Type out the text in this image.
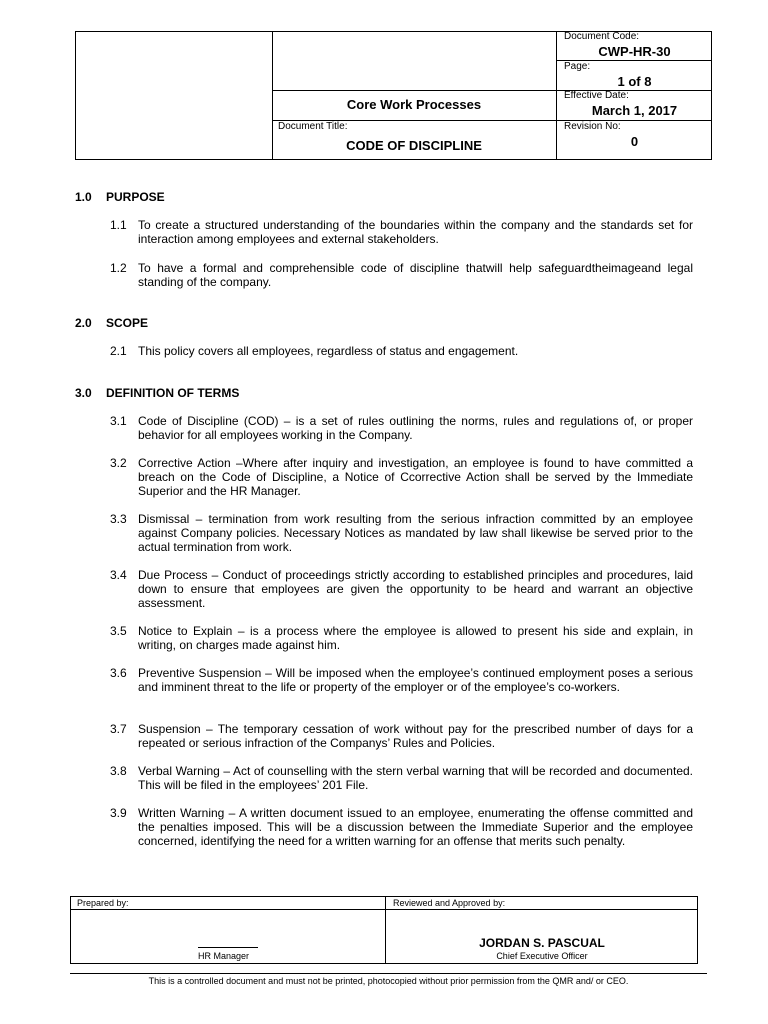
Document Code:
CWP-HR-30
Page:
1 of 8
Core Work Processes
Effective Date:
March 1, 2017
Document Title:
CODE OF DISCIPLINE
Revision No:
0
1.0 PURPOSE
1.1 To create a structured understanding of the boundaries within the company and the standards set for interaction among employees and external stakeholders.
1.2 To have a formal and comprehensible code of discipline thatwill help safeguardtheimageand legal standing of the company.
2.0 SCOPE
2.1 This policy covers all employees, regardless of status and engagement.
3.0 DEFINITION OF TERMS
3.1 Code of Discipline (COD) – is a set of rules outlining the norms, rules and regulations of, or proper behavior for all employees working in the Company.
3.2 Corrective Action –Where after inquiry and investigation, an employee is found to have committed a breach on the Code of Discipline, a Notice of Ccorrective Action shall be served by the Immediate Superior and the HR Manager.
3.3 Dismissal – termination from work resulting from the serious infraction committed by an employee against Company policies. Necessary Notices as mandated by law shall likewise be served prior to the actual termination from work.
3.4 Due Process – Conduct of proceedings strictly according to established principles and procedures, laid down to ensure that employees are given the opportunity to be heard and warrant an objective assessment.
3.5 Notice to Explain – is a process where the employee is allowed to present his side and explain, in writing, on charges made against him.
3.6 Preventive Suspension – Will be imposed when the employee’s continued employment poses a serious and imminent threat to the life or property of the employer or of the employee’s co-workers.
3.7 Suspension – The temporary cessation of work without pay for the prescribed number of days for a repeated or serious infraction of the Companys’ Rules and Policies.
3.8 Verbal Warning – Act of counselling with the stern verbal warning that will be recorded and documented. This will be filed in the employees’ 201 File.
3.9 Written Warning – A written document issued to an employee, enumerating the offense committed and the penalties imposed. This will be a discussion between the Immediate Superior and the employee concerned, identifying the need for a written warning for an offense that merits such penalty.
Prepared by:	Reviewed and Approved by:
HR Manager
JORDAN S. PASCUAL
Chief Executive Officer
This is a controlled document and must not be printed, photocopied without prior permission from the QMR and/ or CEO.
